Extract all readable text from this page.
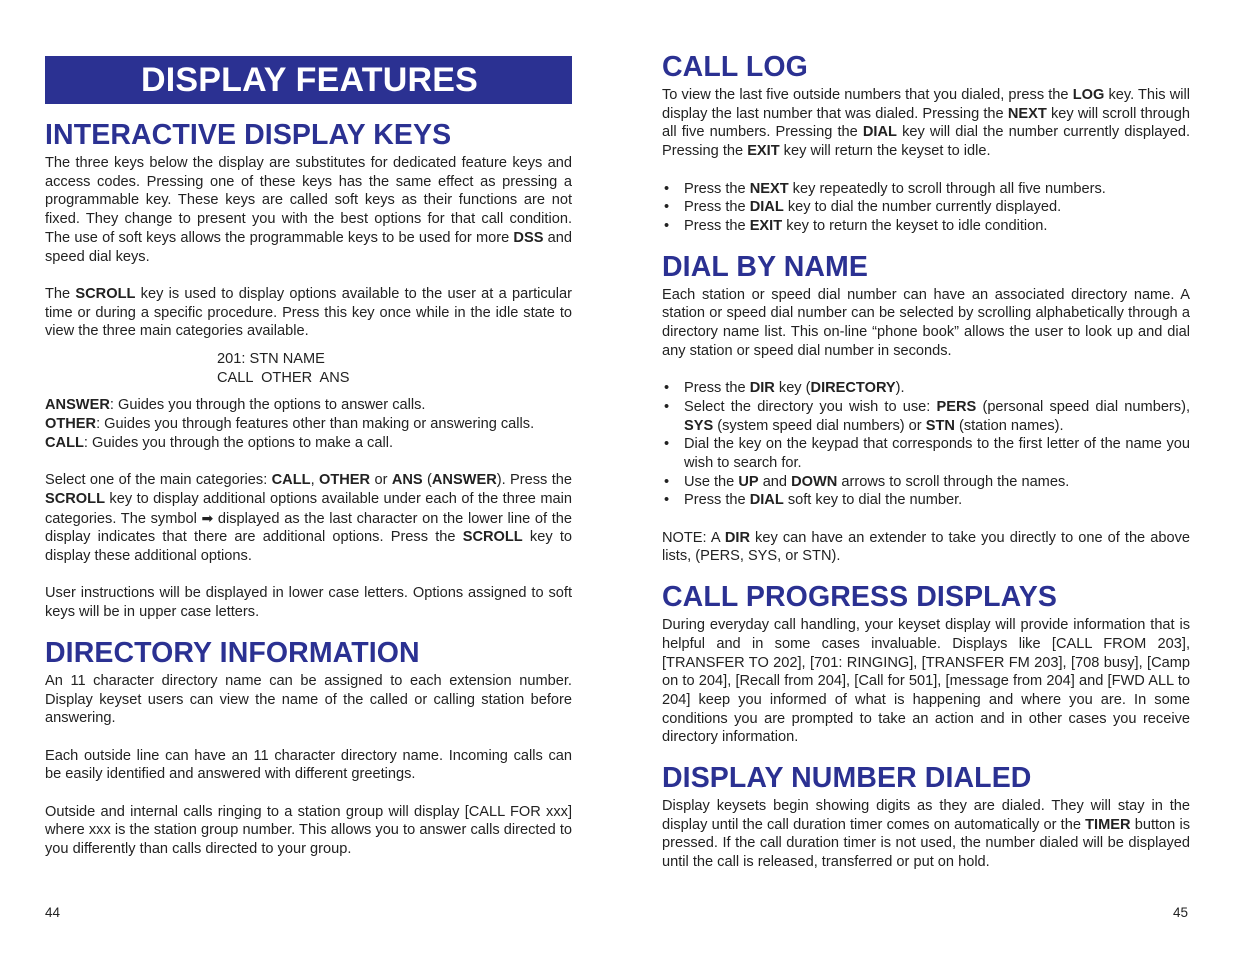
DISPLAY FEATURES
INTERACTIVE DISPLAY KEYS

The three keys below the display are substitutes for dedicated feature keys and access codes. Pressing one of these keys has the same effect as pressing a programmable key. These keys are called soft keys as their functions are not fixed. They change to present you with the best options for that call condition. The use of soft keys allows the programmable keys to be used for more DSS and speed dial keys.

The SCROLL key is used to display options available to the user at a particular time or during a specific procedure. Press this key once while in the idle state to view the three main categories available.

201: STN NAME
CALL  OTHER  ANS

ANSWER: Guides you through the options to answer calls.

OTHER: Guides you through features other than making or answering calls.

CALL: Guides you through the options to make a call.

Select one of the main categories: CALL, OTHER or ANS (ANSWER). Press the SCROLL key to display additional options available under each of the three main categories. The symbol ➡ displayed as the last character on the lower line of the display indicates that there are additional options. Press the SCROLL key to display these additional options.

User instructions will be displayed in lower case letters. Options assigned to soft keys will be in upper case letters.

DIRECTORY INFORMATION

An 11 character directory name can be assigned to each extension number. Display keyset users can view the name of the called or calling station before answering.

Each outside line can have an 11 character directory name. Incoming calls can be easily identified and answered with different greetings.

Outside and internal calls ringing to a station group will display [CALL FOR xxx] where xxx is the station group number. This allows you to answer calls directed to you differently than calls directed to your group.

44
CALL LOG

To view the last five outside numbers that you dialed, press the LOG key. This will display the last number that was dialed. Pressing the NEXT key will scroll through all five numbers. Pressing the DIAL key will dial the number currently displayed. Pressing the EXIT key will return the keyset to idle.

• Press the NEXT key repeatedly to scroll through all five numbers.
• Press the DIAL key to dial the number currently displayed.
• Press the EXIT key to return the keyset to idle condition.
DIAL BY NAME

Each station or speed dial number can have an associated directory name. A station or speed dial number can be selected by scrolling alphabetically through a directory name list. This on-line “phone book” allows the user to look up and dial any station or speed dial number in seconds.

• Press the DIR key (DIRECTORY).
• Select the directory you wish to use: PERS (personal speed dial numbers), SYS (system speed dial numbers) or STN (station names).
• Dial the key on the keypad that corresponds to the first letter of the name you wish to search for.
• Use the UP and DOWN arrows to scroll through the names.
• Press the DIAL soft key to dial the number.

NOTE: A DIR key can have an extender to take you directly to one of the above lists, (PERS, SYS, or STN).

CALL PROGRESS DISPLAYS

During everyday call handling, your keyset display will provide information that is helpful and in some cases invaluable. Displays like [CALL FROM 203], [TRANSFER TO 202], [701: RINGING], [TRANSFER FM 203], [708 busy], [Camp on to 204], [Recall from 204], [Call for 501], [message from 204] and [FWD ALL to 204] keep you informed of what is happening and where you are. In some conditions you are prompted to take an action and in other cases you receive directory information.

DISPLAY NUMBER DIALED

Display keysets begin showing digits as they are dialed. They will stay in the display until the call duration timer comes on automatically or the TIMER button is pressed. If the call duration timer is not used, the number dialed will be displayed until the call is released, transferred or put on hold.

45
